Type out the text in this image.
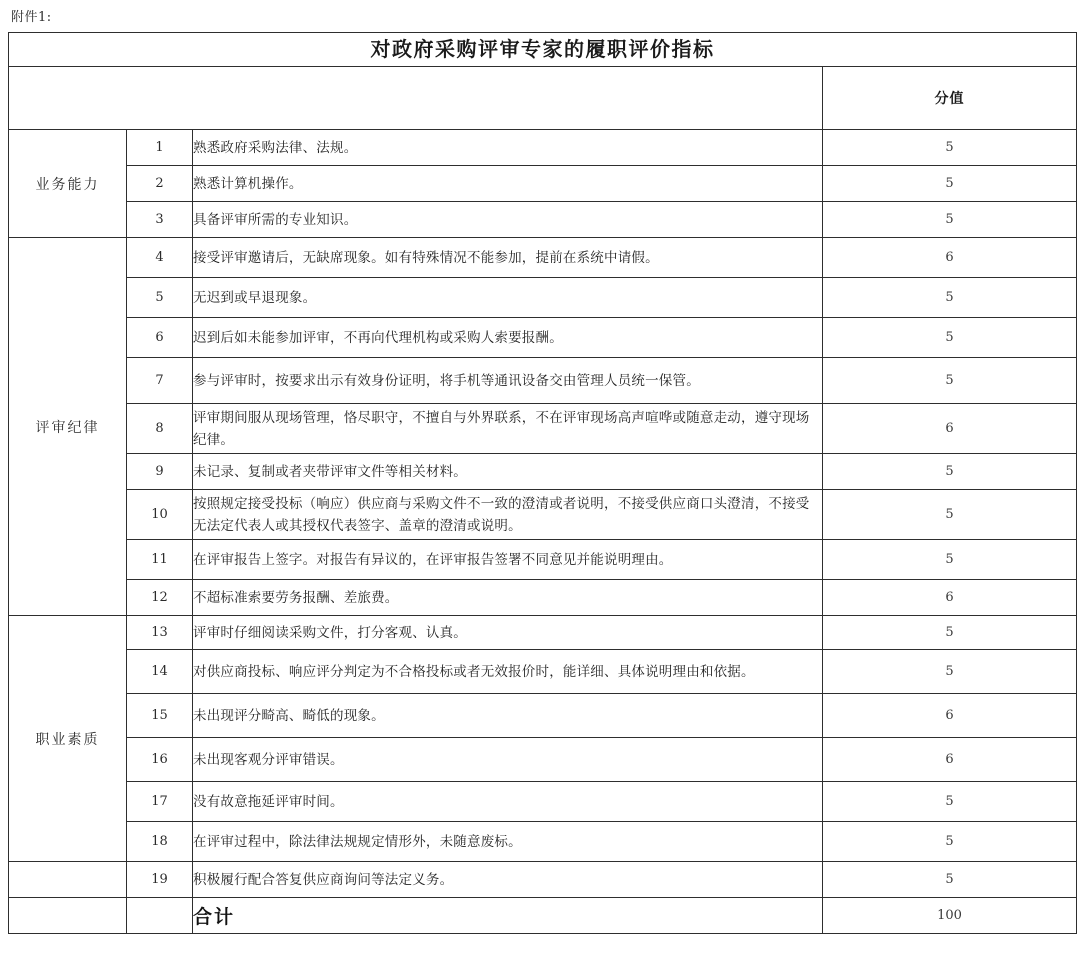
附件1:
对政府采购评审专家的履职评价指标			
			分值
业务能力	1	熟悉政府采购法律、法规。	5
	2	熟悉计算机操作。	5
	3	具备评审所需的专业知识。	5
评审纪律	4	接受评审邀请后，无缺席现象。如有特殊情况不能参加，提前在系统中请假。	6
	5	无迟到或早退现象。	5
	6	迟到后如未能参加评审，不再向代理机构或采购人索要报酬。	5
	7	参与评审时，按要求出示有效身份证明，将手机等通讯设备交由管理人员统一保管。	5
	8	评审期间服从现场管理，恪尽职守，不擅自与外界联系，不在评审现场高声喧哗或随意走动，遵守现场纪律。	6
	9	未记录、复制或者夹带评审文件等相关材料。	5
	10	按照规定接受投标（响应）供应商与采购文件不一致的澄清或者说明，不接受供应商口头澄清，不接受无法定代表人或其授权代表签字、盖章的澄清或说明。	5
	11	在评审报告上签字。对报告有异议的，在评审报告签署不同意见并能说明理由。	5
	12	不超标准索要劳务报酬、差旅费。	6
职业素质	13	评审时仔细阅读采购文件，打分客观、认真。	5
	14	对供应商投标、响应评分判定为不合格投标或者无效报价时，能详细、具体说明理由和依据。	5
	15	未出现评分畸高、畸低的现象。	6
	16	未出现客观分评审错误。	6
	17	没有故意拖延评审时间。	5
	18	在评审过程中，除法律法规规定情形外，未随意废标。	5
	19	积极履行配合答复供应商询问等法定义务。	5
		合计	100
